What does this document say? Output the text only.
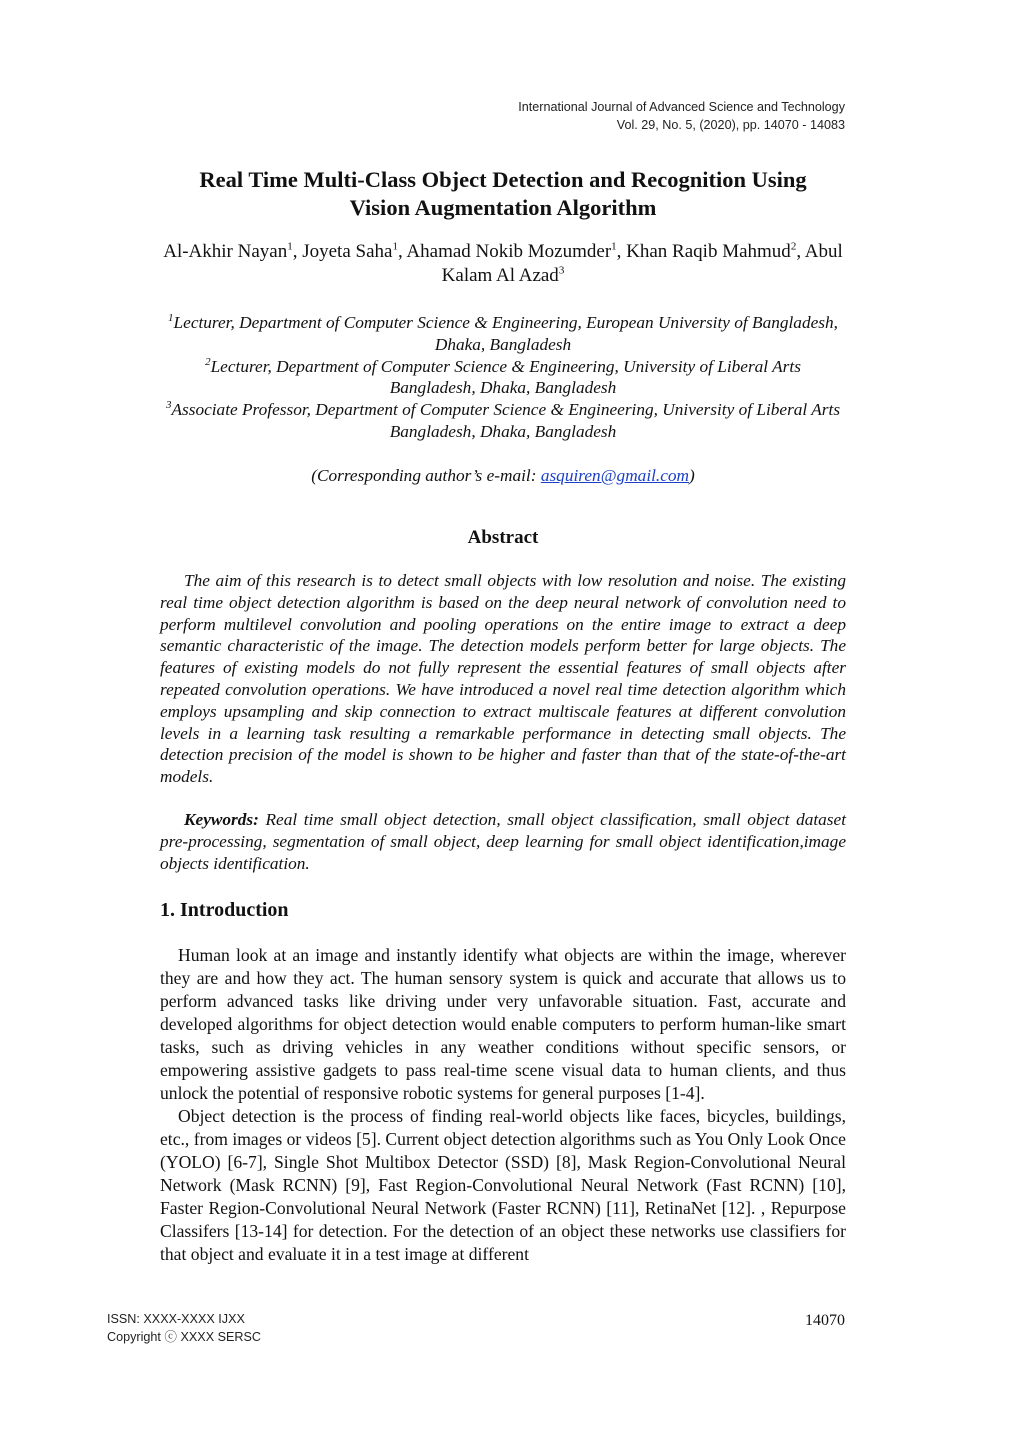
International Journal of Advanced Science and Technology
Vol. 29, No. 5, (2020), pp. 14070 - 14083
Real Time Multi-Class Object Detection and Recognition Using
Vision Augmentation Algorithm
Al-Akhir Nayan$^1$, Joyeta Saha$^1$, Ahamad Nokib Mozumder$^1$, Khan Raqib Mahmud$^2$, Abul Kalam Al Azad$^3$
$^1$Lecturer, Department of Computer Science & Engineering, European University of Bangladesh, Dhaka, Bangladesh
$^2$Lecturer, Department of Computer Science & Engineering, University of Liberal Arts Bangladesh, Dhaka, Bangladesh
$^3$Associate Professor, Department of Computer Science & Engineering, University of Liberal Arts Bangladesh, Dhaka, Bangladesh
(Corresponding author’s e-mail: asquiren@gmail.com)
Abstract
The aim of this research is to detect small objects with low resolution and noise. The existing real time object detection algorithm is based on the deep neural network of convolution need to perform multilevel convolution and pooling operations on the entire image to extract a deep semantic characteristic of the image. The detection models perform better for large objects. The features of existing models do not fully represent the essential features of small objects after repeated convolution operations. We have introduced a novel real time detection algorithm which employs upsampling and skip connection to extract multiscale features at different convolution levels in a learning task resulting a remarkable performance in detecting small objects. The detection precision of the model is shown to be higher and faster than that of the state-of-the-art models.
Keywords: Real time small object detection, small object classification, small object dataset pre-processing, segmentation of small object, deep learning for small object identification,image objects identification.
1. Introduction

Human look at an image and instantly identify what objects are within the image, wherever they are and how they act. The human sensory system is quick and accurate that allows us to perform advanced tasks like driving under very unfavorable situation. Fast, accurate and developed algorithms for object detection would enable computers to perform human-like smart tasks, such as driving vehicles in any weather conditions without specific sensors, or empowering assistive gadgets to pass real-time scene visual data to human clients, and thus unlock the potential of responsive robotic systems for general purposes [1-4].

Object detection is the process of finding real-world objects like faces, bicycles, buildings, etc., from images or videos [5]. Current object detection algorithms such as You Only Look Once (YOLO) [6-7], Single Shot Multibox Detector (SSD) [8], Mask Region-Convolutional Neural Network (Mask RCNN) [9], Fast Region-Convolutional Neural Network (Fast RCNN) [10], Faster Region-Convolutional Neural Network (Faster RCNN) [11], RetinaNet [12]. , Repurpose Classifers [13-14] for detection. For the detection of an object these networks use classifiers for that object and evaluate it in a test image at different

ISSN: XXXX-XXXX IJXX
Copyright ⓒ XXXX SERSC
14070
